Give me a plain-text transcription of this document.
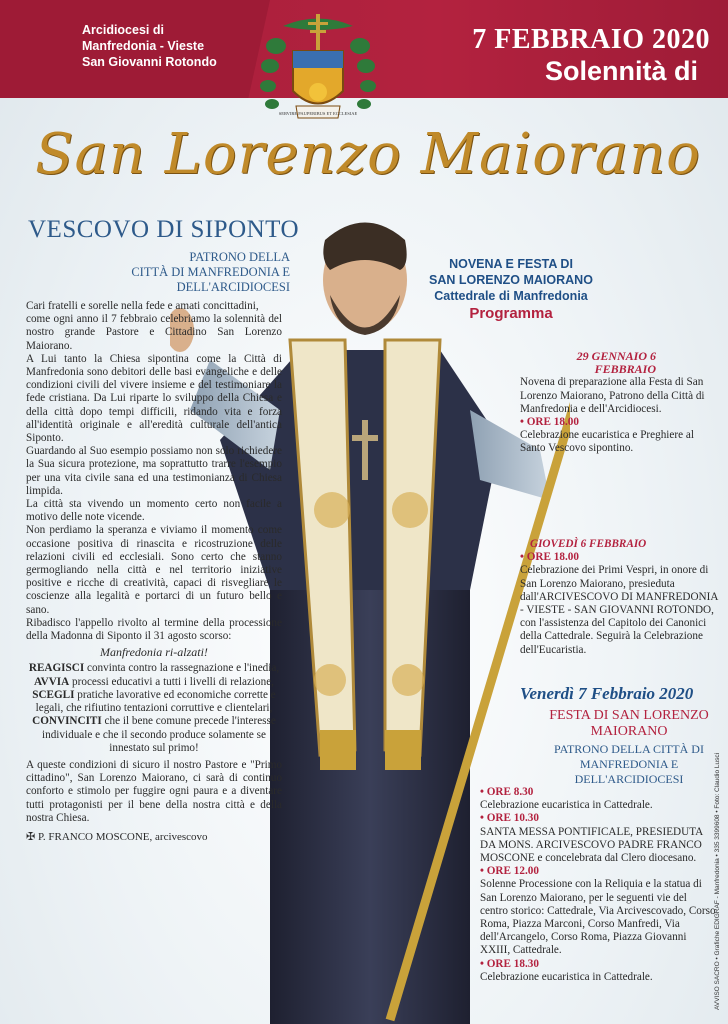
Arcidiocesi di
Manfredonia - Vieste
San Giovanni Rotondo
7 FEBBRAIO 2020
Solennità di
SERVIRE PAUPERIBUS ET ECCLESIAE
San Lorenzo Maiorano
VESCOVO DI SIPONTO
PATRONO DELLA
CITTÀ DI MANFREDONIA E
DELL'ARCIDIOCESI

Cari fratelli e sorelle nella fede e amati concittadini,

come ogni anno il 7 febbraio celebriamo la solennità del nostro grande Pastore e Cittadino San Lorenzo Maiorano.

A Lui tanto la Chiesa sipontina come la Città di Manfredonia sono debitori delle basi evangeliche e delle condizioni civili del vivere insieme e del testimoniare la fede cristiana. Da Lui riparte lo sviluppo della Chiesa e della città dopo tempi difficili, ridando vita e forza all'identità originale e all'eredità culturale dell'antica Siponto.

Guardando al Suo esempio possiamo non solo richiedere la Sua sicura protezione, ma soprattutto trarre l'esempio per una vita civile sana ed una testimonianza di Chiesa limpida.

La città sta vivendo un momento certo non facile a motivo delle note vicende.

Non perdiamo la speranza e viviamo il momento come occasione positiva di rinascita e ricostruzione delle relazioni civili ed ecclesiali. Sono certo che stanno germogliando nella città e nel territorio iniziative positive e ricche di creatività, capaci di risvegliare le coscienze alla legalità e portarci di un futuro bello e sano.

Ribadisco l'appello rivolto al termine della processione della Madonna di Siponto il 31 agosto scorso:

Manfredonia ri-alzati!

REAGISCI convinta contro la rassegnazione e l'inedia,

AVVIA processi educativi a tutti i livelli di relazione,

SCEGLI pratiche lavorative ed economiche corrette e legali, che rifiutino tentazioni corruttive e clientelari,

CONVINCITI che il bene comune precede l'interesse individuale e che il secondo produce solamente se innestato sul primo!

A queste condizioni di sicuro il nostro Pastore e "Primo cittadino", San Lorenzo Maiorano, ci sarà di continuo conforto e stimolo per fuggire ogni paura e a diventare tutti protagonisti per il bene della nostra città e della nostra Chiesa.

✠ P. FRANCO MOSCONE, arcivescovo

NOVENA E FESTA DI
SAN LORENZO MAIORANO
Cattedrale di Manfredonia
Programma
29 GENNAIO 6 FEBBRAIO
Novena di preparazione alla Festa di San Lorenzo Maiorano, Patrono della Città di Manfredonia e dell'Arcidiocesi.
• ORE 18.00
Celebrazione eucaristica e Preghiere al Santo Vescovo sipontino.
GIOVEDÌ 6 FEBBRAIO
• ORE 18.00
Celebrazione dei Primi Vespri, in onore di San Lorenzo Maiorano, presieduta dall'ARCIVESCOVO DI MANFREDONIA - VIESTE - SAN GIOVANNI ROTONDO, con l'assistenza del Capitolo dei Canonici della Cattedrale. Seguirà la Celebrazione dell'Eucaristia.
Venerdì 7 Febbraio 2020
FESTA DI SAN LORENZO MAIORANO
PATRONO DELLA CITTÀ DI MANFREDONIA E DELL'ARCIDIOCESI
• ORE 8.30
Celebrazione eucaristica in Cattedrale.
• ORE 10.30
SANTA MESSA PONTIFICALE, PRESIEDUTA DA MONS. ARCIVESCOVO PADRE FRANCO MOSCONE e concelebrata dal Clero diocesano.
• ORE 12.00
Solenne Processione con la Reliquia e la statua di San Lorenzo Maiorano, per le seguenti vie del centro storico: Cattedrale, Via Arcivescovado, Corso Roma, Piazza Marconi, Corso Manfredi, Via dell'Arcangelo, Corso Roma, Piazza Giovanni XXIII, Cattedrale.
• ORE 18.30
Celebrazione eucaristica in Cattedrale.	AVVISO SACRO • Grafiche EDIGRAF - Manfredonia • 335 3399608 • Foto: Claudio Lusci
